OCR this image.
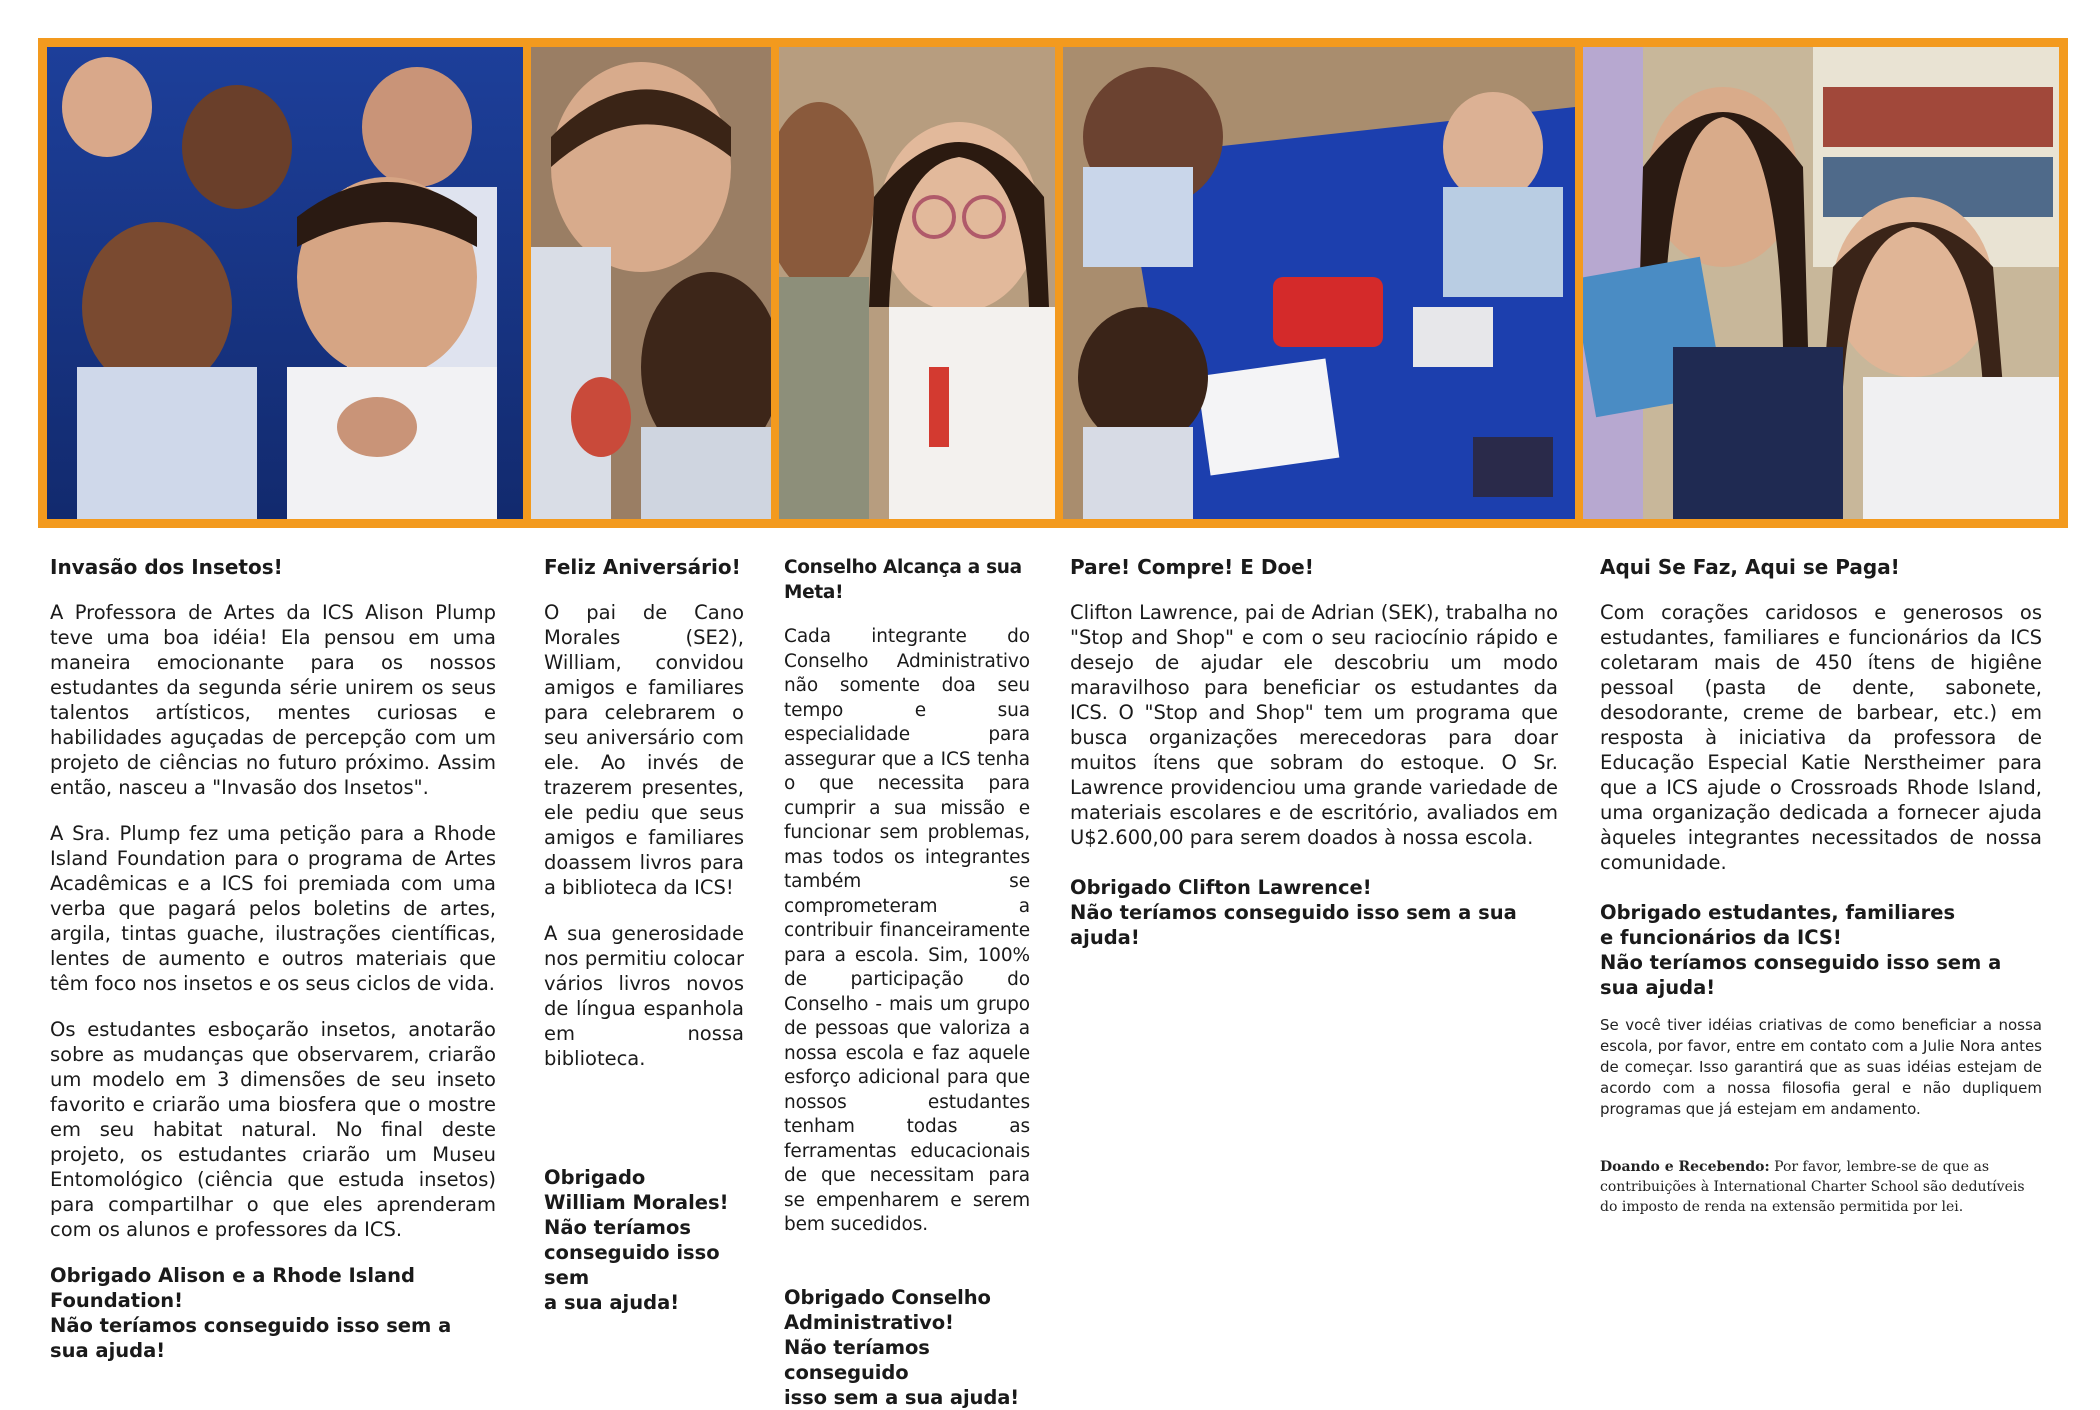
Invasão dos Insetos!

A Professora de Artes da ICS Alison Plump teve uma boa idéia! Ela pensou em uma maneira emocionante para os nossos estudantes da segunda série unirem os seus talentos artísticos, mentes curiosas e habilidades aguçadas de percepção com um projeto de ciências no futuro próximo. Assim então, nasceu a "Invasão dos Insetos".

A Sra. Plump fez uma petição para a Rhode Island Foundation para o programa de Artes Acadêmicas e a ICS foi premiada com uma verba que pagará pelos boletins de artes, argila, tintas guache, ilustrações científicas, lentes de aumento e outros materiais que têm foco nos insetos e os seus ciclos de vida.

Os estudantes esboçarão insetos, anotarão sobre as mudanças que observarem, criarão um modelo em 3 dimensões de seu inseto favorito e criarão uma biosfera que o mostre em seu habitat natural. No final deste projeto, os estudantes criarão um Museu Entomológico (ciência que estuda insetos) para compartilhar o que eles aprenderam com os alunos e professores da ICS.

Obrigado Alison e a Rhode Island Foundation!
Não teríamos conseguido isso sem a sua ajuda!
Feliz Aniversário!

O pai de Cano Morales (SE2), William, convidou amigos e familiares para celebrarem o seu aniversário com ele. Ao invés de trazerem presentes, ele pediu que seus amigos e familiares doassem livros para a biblioteca da ICS!

A sua generosidade nos permitiu colocar vários livros novos de língua espanhola em nossa biblioteca.

Obrigado
William Morales!
Não teríamos
conseguido isso sem
a sua ajuda!
Conselho Alcança a sua Meta!

Cada integrante do Conselho Administrativo não somente doa seu tempo e sua especialidade para assegurar que a ICS tenha o que necessita para cumprir a sua missão e funcionar sem problemas, mas todos os integrantes também se comprometeram a contribuir financeiramente para a escola. Sim, 100% de participação do Conselho - mais um grupo de pessoas que valoriza a nossa escola e faz aquele esforço adicional para que nossos estudantes tenham todas as ferramentas educacionais de que necessitam para se empenharem e serem bem sucedidos.

Obrigado Conselho
Administrativo!
Não teríamos conseguido
isso sem a sua ajuda!
Pare! Compre! E Doe!

Clifton Lawrence, pai de Adrian (SEK), trabalha no "Stop and Shop" e com o seu raciocínio rápido e desejo de ajudar ele descobriu um modo maravilhoso para beneficiar os estudantes da ICS. O "Stop and Shop" tem um programa que busca organizações merecedoras para doar muitos ítens que sobram do estoque. O Sr. Lawrence providenciou uma grande variedade de materiais escolares e de escritório, avaliados em U$2.600,00 para serem doados à nossa escola.

Obrigado Clifton Lawrence!
Não teríamos conseguido isso sem a sua ajuda!
Aqui Se Faz, Aqui se Paga!

Com corações caridosos e generosos os estudantes, familiares e funcionários da ICS coletaram mais de 450 ítens de higiêne pessoal (pasta de dente, sabonete, desodorante, creme de barbear, etc.) em resposta à iniciativa da professora de Educação Especial Katie Nerstheimer para que a ICS ajude o Crossroads Rhode Island, uma organização dedicada a fornecer ajuda àqueles integrantes necessitados de nossa comunidade.

Obrigado estudantes, familiares
e funcionários da ICS!
Não teríamos conseguido isso sem a sua ajuda!
Se você tiver idéias criativas de como beneficiar a nossa escola, por favor, entre em contato com a Julie Nora antes de começar. Isso garantirá que as suas idéias estejam de acordo com a nossa filosofia geral e não dupliquem programas que já estejam em andamento.
Doando e Recebendo: Por favor, lembre-se de que as contribuições à International Charter School são dedutíveis do imposto de renda na extensão permitida por lei.
